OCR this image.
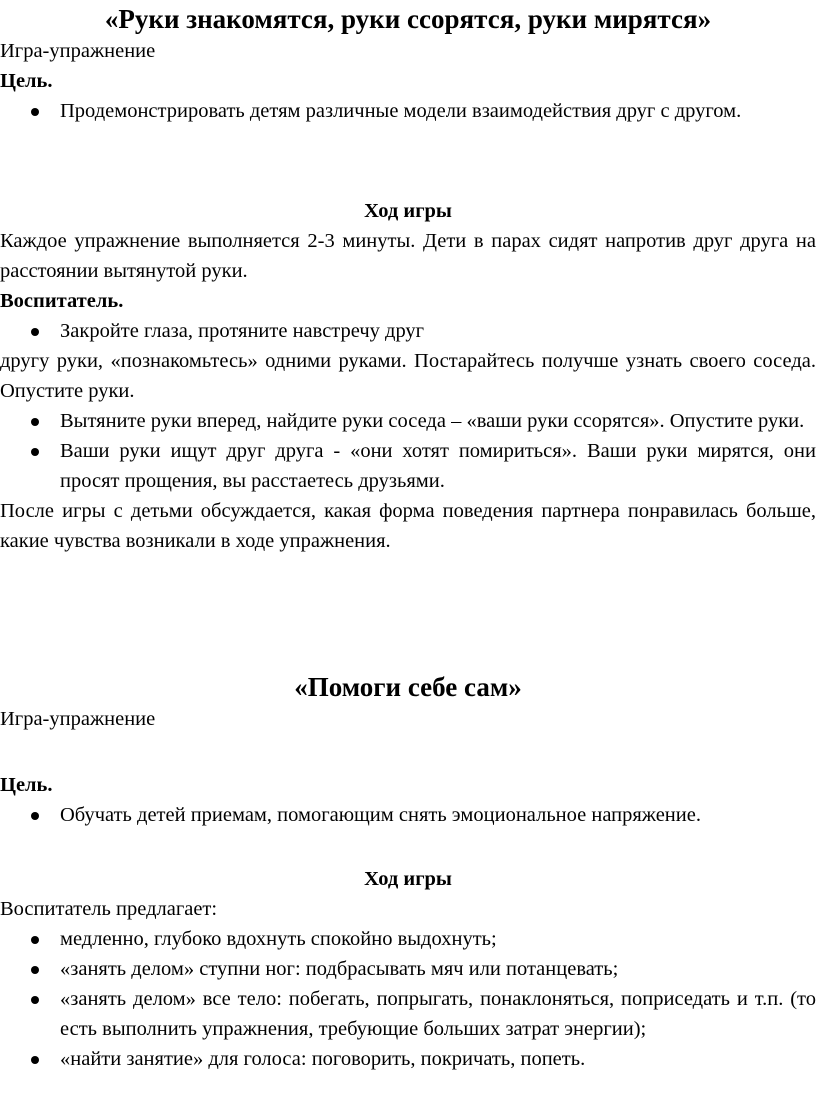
«Руки знакомятся, руки ссорятся, руки мирятся»

Игра-упражнение

Цель.

Продемонстрировать детям различные модели взаимодействия друг с другом.

Ход игры

Каждое упражнение выполняется 2-3 минуты. Дети в парах сидят напротив друг друга на расстоянии вытянутой руки.

Воспитатель.

Закройте глаза, протяните навстречу друг

другу руки, «познакомьтесь» одними руками. Постарайтесь получше узнать своего соседа. Опустите руки.

Вытяните руки вперед, найдите руки соседа – «ваши руки ссорятся». Опустите руки.
Ваши руки ищут друг друга - «они хотят помириться». Ваши руки мирятся, они просят прощения, вы расстаетесь друзьями.

После игры с детьми обсуждается, какая форма поведения партнера понравилась больше, какие чувства возникали в ходе упражнения.

«Помоги себе сам»

Игра-упражнение

Цель.

Обучать детей приемам, помогающим снять эмоциональное напряжение.

Ход игры

Воспитатель предлагает:

медленно, глубоко вдохнуть спокойно выдохнуть;
«занять делом» ступни ног: подбрасывать мяч или потанцевать;
«занять делом» все тело: побегать, попрыгать, понаклоняться, поприседать и т.п. (то есть выполнить упражнения, требующие больших затрат энергии);
«найти занятие» для голоса: поговорить, покричать, попеть.
